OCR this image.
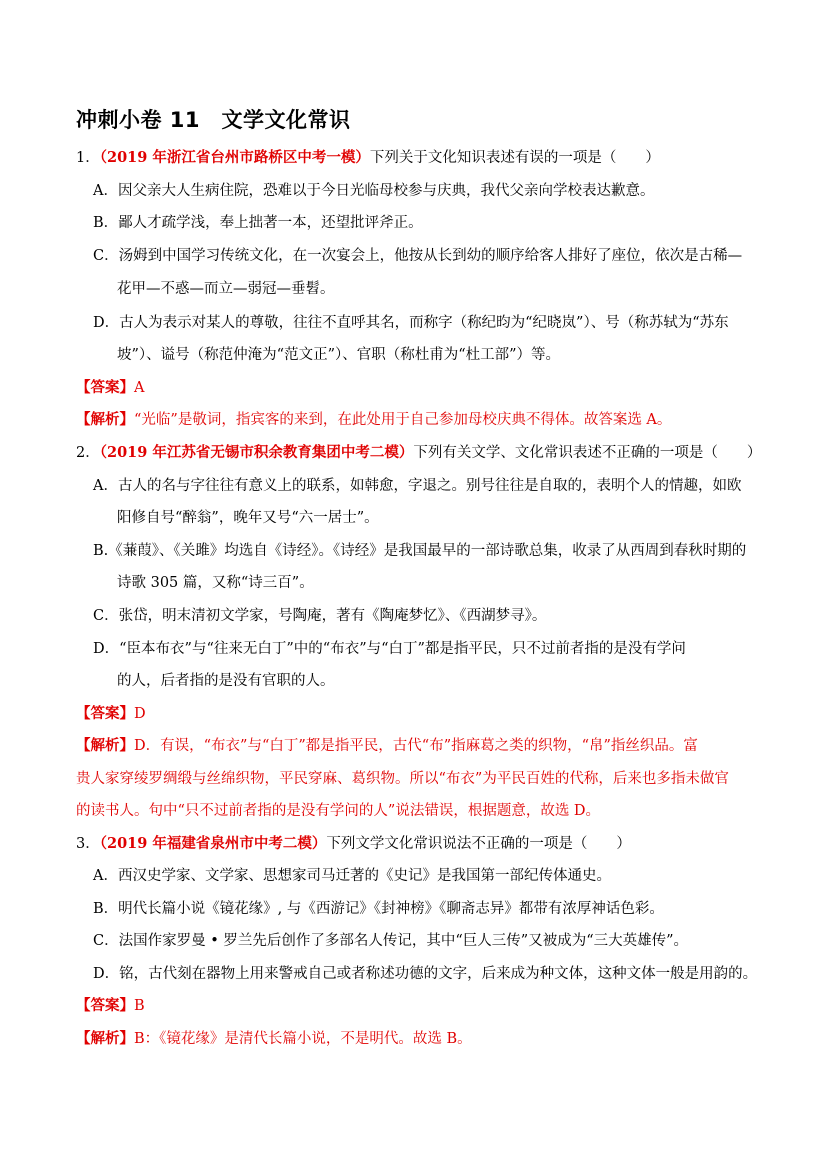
冲刺小卷 11　文学文化常识
1．（2019 年浙江省台州市路桥区中考一模）下列关于文化知识表述有误的一项是（　　）
A．因父亲大人生病住院，恐难以于今日光临母校参与庆典，我代父亲向学校表达歉意。
B．鄙人才疏学浅，奉上拙著一本，还望批评斧正。
C．汤姆到中国学习传统文化，在一次宴会上，他按从长到幼的顺序给客人排好了座位，依次是古稀—
花甲—不惑—而立—弱冠—垂髫。
D．古人为表示对某人的尊敬，往往不直呼其名，而称字（称纪昀为“纪晓岚”）、号（称苏轼为“苏东
坡”）、谥号（称范仲淹为“范文正”）、官职（称杜甫为“杜工部”）等。
【答案】A
【解析】“光临”是敬词，指宾客的来到，在此处用于自己参加母校庆典不得体。故答案选 A。
2．（2019 年江苏省无锡市积余教育集团中考二模）下列有关文学、文化常识表述不正确的一项是（　　）
A．古人的名与字往往有意义上的联系，如韩愈，字退之。别号往往是自取的，表明个人的情趣，如欧
阳修自号“醉翁”，晚年又号“六一居士”。
B.《蒹葭》、《关雎》均选自《诗经》。《诗经》是我国最早的一部诗歌总集，收录了从西周到春秋时期的
诗歌 305 篇，又称“诗三百”。
C．张岱，明末清初文学家，号陶庵，著有《陶庵梦忆》、《西湖梦寻》。
D．“臣本布衣”与“往来无白丁”中的“布衣”与“白丁”都是指平民，只不过前者指的是没有学问
的人，后者指的是没有官职的人。
【答案】D
【解析】D．有误，“布衣”与“白丁”都是指平民，古代“布”指麻葛之类的织物，“帛”指丝织品。富
贵人家穿绫罗绸缎与丝绵织物，平民穿麻、葛织物。所以“布衣”为平民百姓的代称，后来也多指未做官
的读书人。句中“只不过前者指的是没有学问的人”说法错误，根据题意，故选 D。
3．（2019 年福建省泉州市中考二模）下列文学文化常识说法不正确的一项是（　　）
A．西汉史学家、文学家、思想家司马迁著的《史记》是我国第一部纪传体通史。
B．明代长篇小说《镜花缘》, 与《西游记》《封神榜》《聊斋志异》都带有浓厚神话色彩。
C．法国作家罗曼 • 罗兰先后创作了多部名人传记，其中“巨人三传”又被成为“三大英雄传”。
D．铭，古代刻在器物上用来警戒自己或者称述功德的文字，后来成为种文体，这种文体一般是用韵的。
【答案】B
【解析】B：《镜花缘》是清代长篇小说，不是明代。故选 B。
